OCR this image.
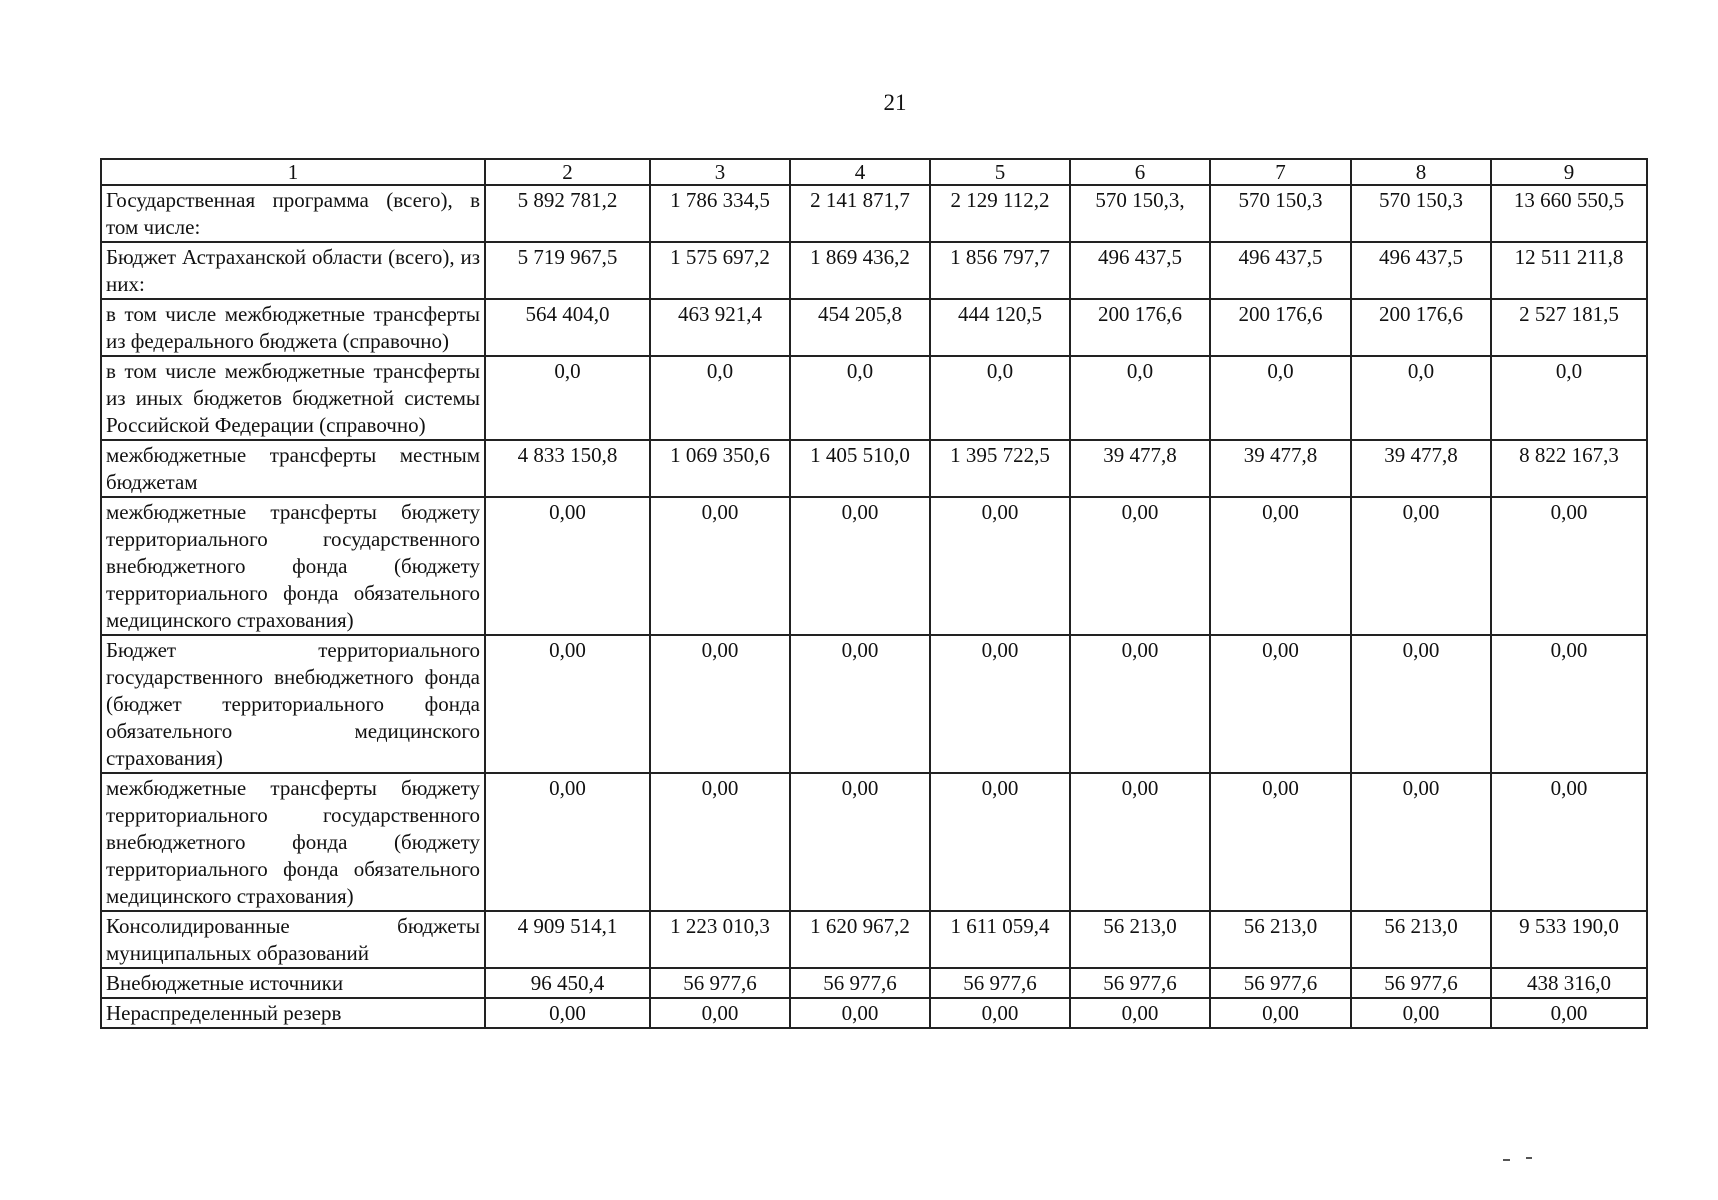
21
1	2	3	4	5	6	7	8	9
Государственная программа (всего), в том числе:	5 892 781,2	1 786 334,5	2 141 871,7	2 129 112,2	570 150,3,	570 150,3	570 150,3	13 660 550,5
Бюджет Астраханской области (всего), из них:	5 719 967,5	1 575 697,2	1 869 436,2	1 856 797,7	496 437,5	496 437,5	496 437,5	12 511 211,8
в том числе межбюджетные трансферты из федерального бюджета (справочно)	564 404,0	463 921,4	454 205,8	444 120,5	200 176,6	200 176,6	200 176,6	2 527 181,5
в том числе межбюджетные трансферты из иных бюджетов бюджетной системы Российской Федерации (справочно)	0,0	0,0	0,0	0,0	0,0	0,0	0,0	0,0
межбюджетные трансферты местным бюджетам	4 833 150,8	1 069 350,6	1 405 510,0	1 395 722,5	39 477,8	39 477,8	39 477,8	8 822 167,3
межбюджетные трансферты бюджету территориального государственного внебюджетного фонда (бюджету территориального фонда обязательного медицинского страхования)	0,00	0,00	0,00	0,00	0,00	0,00	0,00	0,00
Бюджет территориального государственного внебюджетного фонда (бюджет территориального фонда обязательного медицинского страхования)	0,00	0,00	0,00	0,00	0,00	0,00	0,00	0,00
межбюджетные трансферты бюджету территориального государственного внебюджетного фонда (бюджету территориального фонда обязательного медицинского страхования)	0,00	0,00	0,00	0,00	0,00	0,00	0,00	0,00
Консолидированные бюджеты муниципальных образований	4 909 514,1	1 223 010,3	1 620 967,2	1 611 059,4	56 213,0	56 213,0	56 213,0	9 533 190,0
Внебюджетные источники	96 450,4	56 977,6	56 977,6	56 977,6	56 977,6	56 977,6	56 977,6	438 316,0
Нераспределенный резерв	0,00	0,00	0,00	0,00	0,00	0,00	0,00	0,00
